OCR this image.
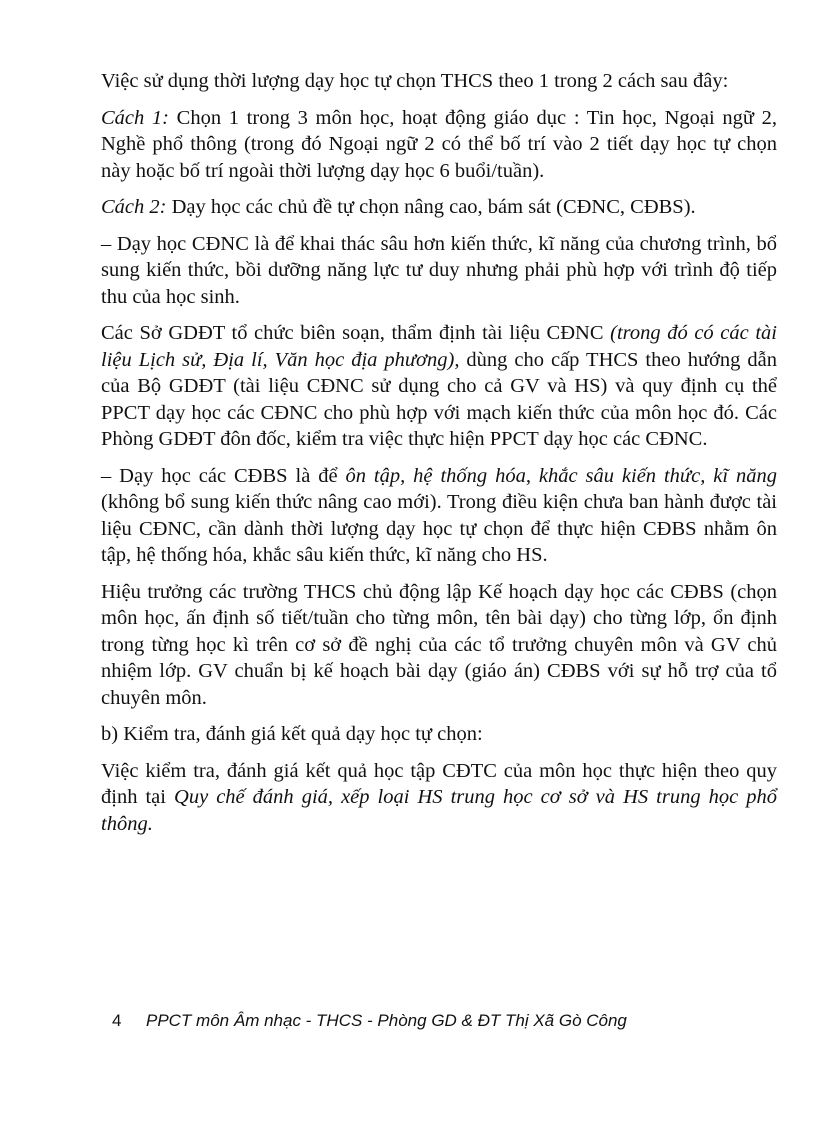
Việc sử dụng thời lượng dạy học tự chọn THCS theo 1 trong 2 cách sau đây:

Cách 1: Chọn 1 trong 3 môn học, hoạt động giáo dục : Tin học, Ngoại ngữ 2, Nghề phổ thông (trong đó Ngoại ngữ 2 có thể bố trí vào 2 tiết dạy học tự chọn này hoặc bố trí ngoài thời lượng dạy học 6 buổi/tuần).

Cách 2: Dạy học các chủ đề tự chọn nâng cao, bám sát (CĐNC, CĐBS).

– Dạy học CĐNC là để khai thác sâu hơn kiến thức, kĩ năng của chương trình, bổ sung kiến thức, bồi dưỡng năng lực tư duy nhưng phải phù hợp với trình độ tiếp thu của học sinh.

Các Sở GDĐT tổ chức biên soạn, thẩm định tài liệu CĐNC (trong đó có các tài liệu Lịch sử, Địa lí, Văn học địa phương), dùng cho cấp THCS theo hướng dẫn của Bộ GDĐT (tài liệu CĐNC sử dụng cho cả GV và HS) và quy định cụ thể PPCT dạy học các CĐNC cho phù hợp với mạch kiến thức của môn học đó. Các Phòng GDĐT đôn đốc, kiểm tra việc thực hiện PPCT dạy học các CĐNC.

– Dạy học các CĐBS là để ôn tập, hệ thống hóa, khắc sâu kiến thức, kĩ năng (không bổ sung kiến thức nâng cao mới). Trong điều kiện chưa ban hành được tài liệu CĐNC, cần dành thời lượng dạy học tự chọn để thực hiện CĐBS nhằm ôn tập, hệ thống hóa, khắc sâu kiến thức, kĩ năng cho HS.

Hiệu trưởng các trường THCS chủ động lập Kế hoạch dạy học các CĐBS (chọn môn học, ấn định số tiết/tuần cho từng môn, tên bài dạy) cho từng lớp, ổn định trong từng học kì trên cơ sở đề nghị của các tổ trưởng chuyên môn và GV chủ nhiệm lớp. GV chuẩn bị kế hoạch bài dạy (giáo án) CĐBS với sự hỗ trợ của tổ chuyên môn.

b) Kiểm tra, đánh giá kết quả dạy học tự chọn:

Việc kiểm tra, đánh giá kết quả học tập CĐTC của môn học thực hiện theo quy định tại Quy chế đánh giá, xếp loại HS trung học cơ sở và HS trung học phổ thông.

4 PPCT môn Âm nhạc - THCS - Phòng GD & ĐT Thị Xã Gò Công
